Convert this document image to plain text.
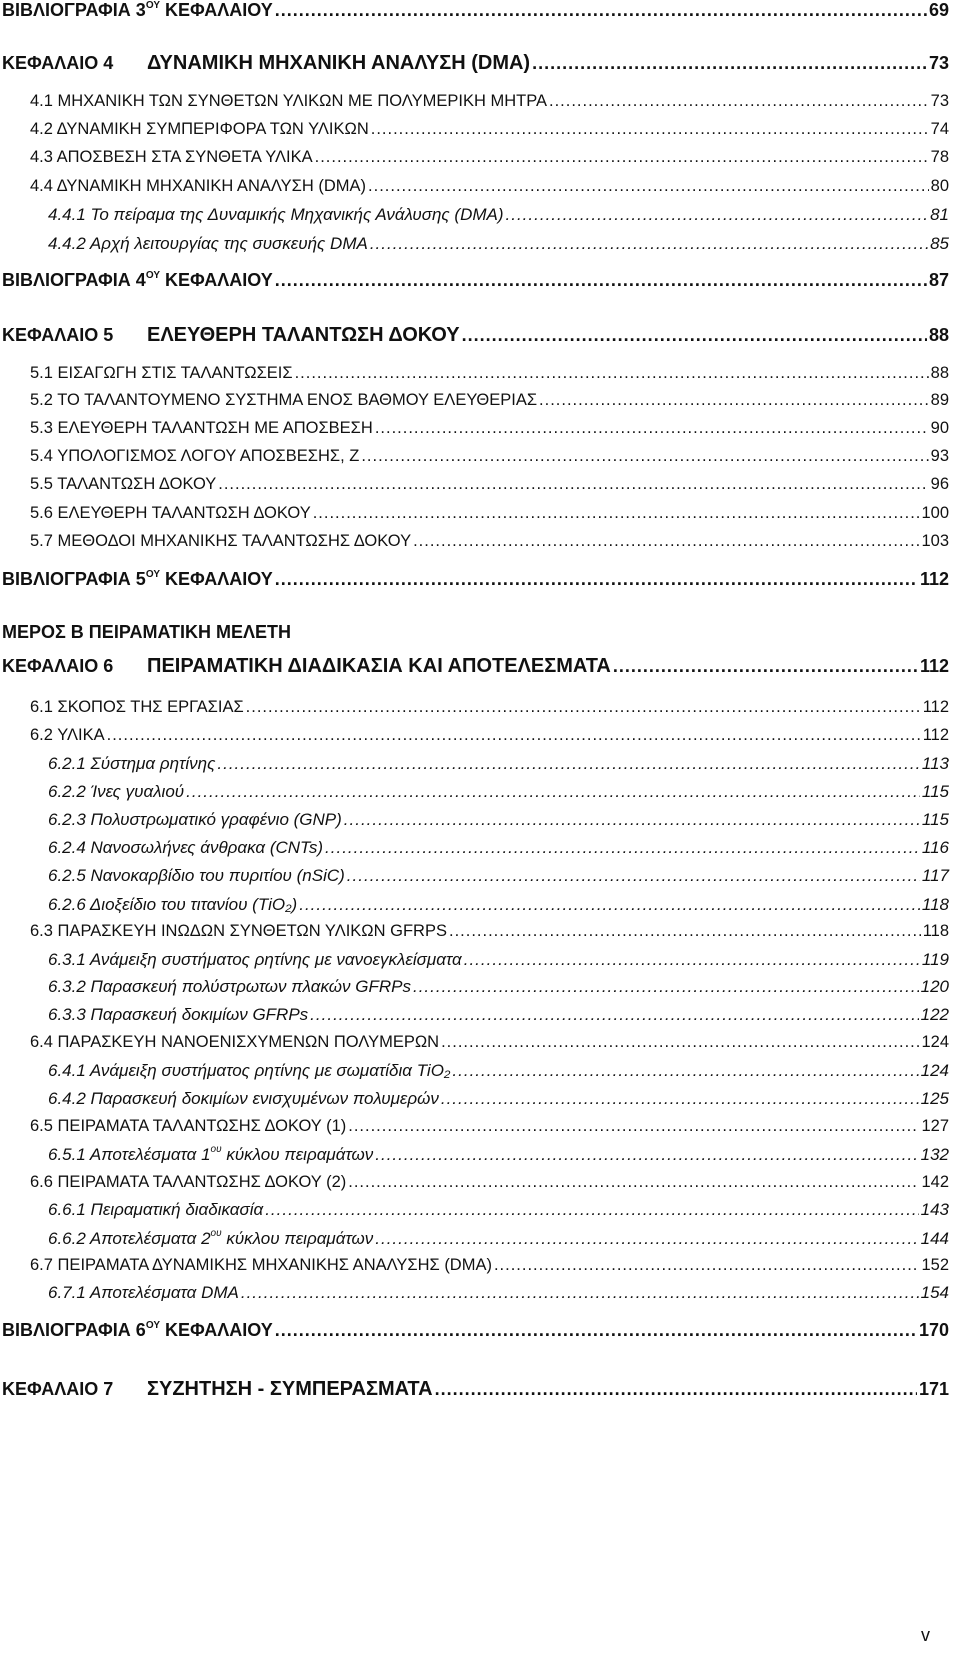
ΒΙΒΛΙΟΓΡΑΦΙΑ $3^{O\Upsilon}$ ΚΕΦΑΛΑΙΟΥ .....	69
ΚΕΦΑΛΑΙΟ 4 ΔΥΝΑΜΙΚΗ ΜΗΧΑΝΙΚΗ ΑΝΑΛΥΣΗ (DMA) .....	73
4.1 ΜΗΧΑΝΙΚΗ ΤΩΝ ΣΥΝΘΕΤΩΝ ΥΛΙΚΩΝ ΜΕ ΠΟΛΥΜΕΡΙΚΗ ΜΗΤΡΑ .....	73
4.2 ΔΥΝΑΜΙΚΗ ΣΥΜΠΕΡΙΦΟΡΑ ΤΩΝ ΥΛΙΚΩΝ .....	74
4.3 ΑΠΟΣΒΕΣΗ ΣΤΑ ΣΥΝΘΕΤΑ ΥΛΙΚΑ .....	78
4.4 ΔΥΝΑΜΙΚΗ ΜΗΧΑΝΙΚΗ ΑΝΑΛΥΣΗ (DMA) .....	80
4.4.1 Το πείραμα της Δυναμικής Μηχανικής Ανάλυσης (DMA) .....	81
4.4.2 Αρχή λειτουργίας της συσκευής DMA .....	85
ΒΙΒΛΙΟΓΡΑΦΙΑ $4^{O\Upsilon}$ ΚΕΦΑΛΑΙΟΥ .....	87
ΚΕΦΑΛΑΙΟ 5 ΕΛΕΥΘΕΡΗ ΤΑΛΑΝΤΩΣΗ ΔΟΚΟΥ .....	88
5.1 ΕΙΣΑΓΩΓΗ ΣΤΙΣ ΤΑΛΑΝΤΩΣΕΙΣ .....	88
5.2 ΤΟ ΤΑΛΑΝΤΟΥΜΕΝΟ ΣΥΣΤΗΜΑ ΕΝΟΣ ΒΑΘΜΟΥ ΕΛΕΥΘΕΡΙΑΣ .....	89
5.3 ΕΛΕΥΘΕΡΗ ΤΑΛΑΝΤΩΣΗ ΜΕ ΑΠΟΣΒΕΣΗ .....	90
5.4 ΥΠΟΛΟΓΙΣΜΟΣ ΛΟΓΟΥ ΑΠΟΣΒΕΣΗΣ, Ζ .....	93
5.5 ΤΑΛΑΝΤΩΣΗ ΔΟΚΟΥ .....	96
5.6 ΕΛΕΥΘΕΡΗ ΤΑΛΑΝΤΩΣΗ ΔΟΚΟΥ .....	100
5.7 ΜΕΘΟΔΟΙ ΜΗΧΑΝΙΚΗΣ ΤΑΛΑΝΤΩΣΗΣ ΔΟΚΟΥ .....	103
ΒΙΒΛΙΟΓΡΑΦΙΑ $5^{O\Upsilon}$ ΚΕΦΑΛΑΙΟΥ .....	112
ΜΕΡΟΣ Β ΠΕΙΡΑΜΑΤΙΚΗ ΜΕΛΕΤΗ
ΚΕΦΑΛΑΙΟ 6 ΠΕΙΡΑΜΑΤΙΚΗ ΔΙΑΔΙΚΑΣΙΑ ΚΑΙ ΑΠΟΤΕΛΕΣΜΑΤΑ .....	112
6.1 ΣΚΟΠΟΣ ΤΗΣ ΕΡΓΑΣΙΑΣ .....	112
6.2 ΥΛΙΚΑ .....	112
6.2.1 Σύστημα ρητίνης .....	113
6.2.2 Ίνες γυαλιού .....	115
6.2.3 Πολυστρωματικό γραφένιο (GNP) .....	115
6.2.4 Νανοσωλήνες άνθρακα (CNTs) .....	116
6.2.5 Νανοκαρβίδιο του πυριτίου (nSiC) .....	117
6.2.6 Διοξείδιο του τιτανίου (TiO₂) .....	118
6.3 ΠΑΡΑΣΚΕΥΗ ΙΝΩΔΩΝ ΣΥΝΘΕΤΩΝ ΥΛΙΚΩΝ GFRPS .....	118
6.3.1 Ανάμειξη συστήματος ρητίνης με νανοεγκλείσματα .....	119
6.3.2 Παρασκευή πολύστρωτων πλακών GFRPs .....	120
6.3.3 Παρασκευή δοκιμίων GFRPs .....	122
6.4 ΠΑΡΑΣΚΕΥΗ ΝΑΝΟΕΝΙΣΧΥΜΕΝΩΝ ΠΟΛΥΜΕΡΩΝ .....	124
6.4.1 Ανάμειξη συστήματος ρητίνης με σωματίδια TiO₂ .....	124
6.4.2 Παρασκευή δοκιμίων ενισχυμένων πολυμερών .....	125
6.5 ΠΕΙΡΑΜΑΤΑ ΤΑΛΑΝΤΩΣΗΣ ΔΟΚΟΥ (1) .....	127
6.5.1 Αποτελέσματα $1^{o\upsilon}$ κύκλου πειραμάτων .....	132
6.6 ΠΕΙΡΑΜΑΤΑ ΤΑΛΑΝΤΩΣΗΣ ΔΟΚΟΥ (2) .....	142
6.6.1 Πειραματική διαδικασία .....	143
6.6.2 Αποτελέσματα $2^{o\upsilon}$ κύκλου πειραμάτων .....	144
6.7 ΠΕΙΡΑΜΑΤΑ ΔΥΝΑΜΙΚΗΣ ΜΗΧΑΝΙΚΗΣ ΑΝΑΛΥΣΗΣ (DMA) .....	152
6.7.1 Αποτελέσματα DMA .....	154
ΒΙΒΛΙΟΓΡΑΦΙΑ $6^{O\Upsilon}$ ΚΕΦΑΛΑΙΟΥ .....	170
ΚΕΦΑΛΑΙΟ 7 ΣΥΖΗΤΗΣΗ - ΣΥΜΠΕΡΑΣΜΑΤΑ .....	171
v
